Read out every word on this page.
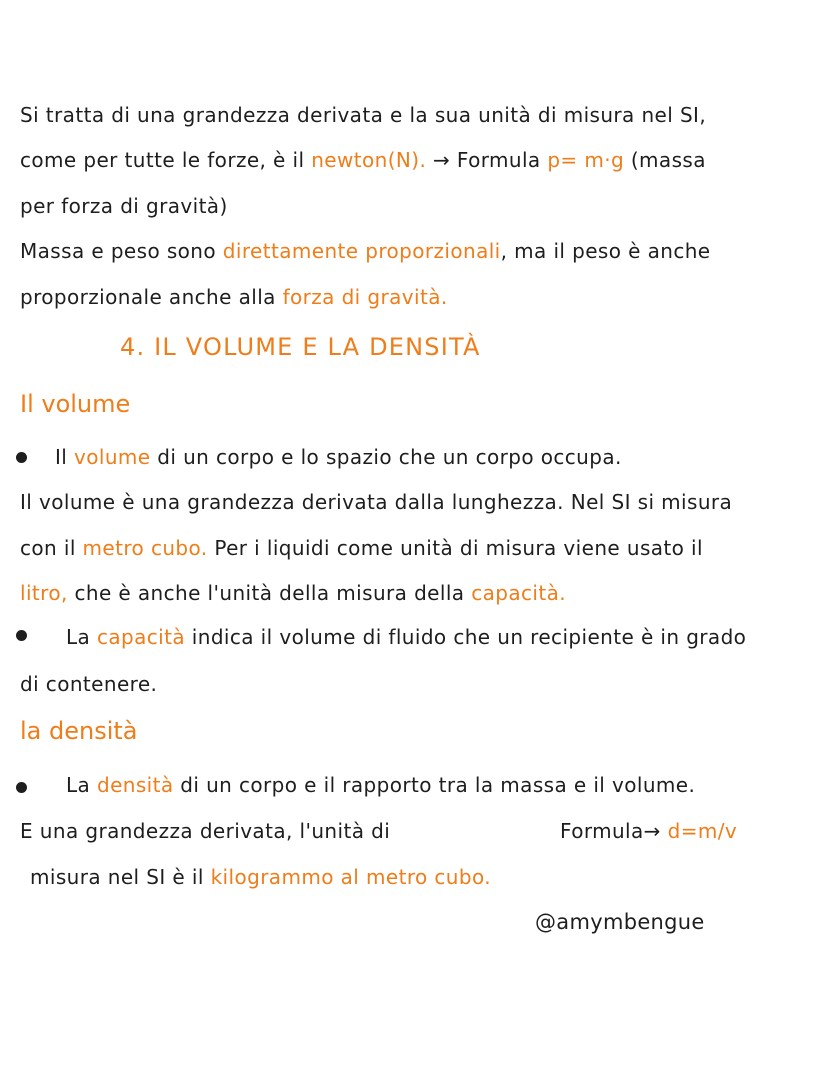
Si tratta di una grandezza derivata e la sua unità di misura nel SI,
come per tutte le forze, è il newton(N). → Formula p= m·g (massa
per forza di gravità)
Massa e peso sono direttamente proporzionali, ma il peso è anche
proporzionale anche alla forza di gravità.
4. IL VOLUME E LA DENSITÀ
Il volume
Il volume di un corpo e lo spazio che un corpo occupa.
Il volume è una grandezza derivata dalla lunghezza. Nel SI si misura
con il metro cubo. Per i liquidi come unità di misura viene usato il
litro, che è anche l'unità della misura della capacità.
La capacità indica il volume di fluido che un recipiente è in grado
di contenere.
la densità
La densità di un corpo e il rapporto tra la massa e il volume.
E una grandezza derivata, l'unità di	Formula→ d=m/v
misura nel SI è il kilogrammo al metro cubo.
@amymbengue
